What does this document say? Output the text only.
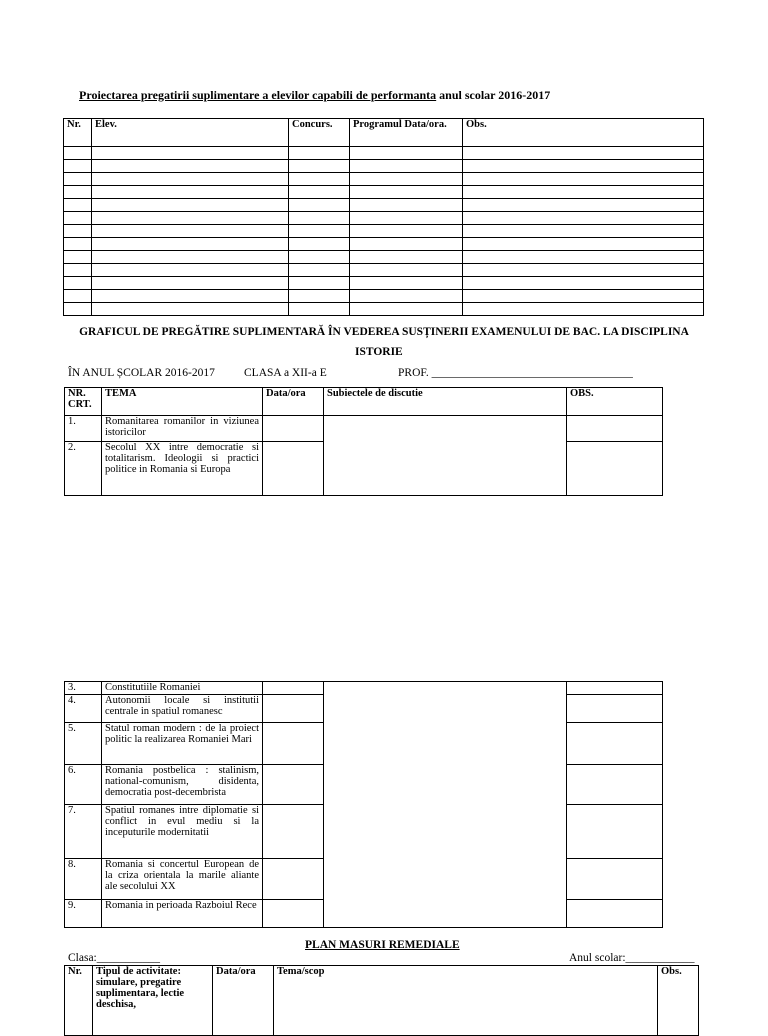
Proiectarea pregatirii suplimentare a elevilor capabili de performanta anul scolar 2016-2017
Nr.	Elev.	Concurs.	Programul Data/ora.	Obs.

GRAFICUL DE PREGĂTIRE SUPLIMENTARĂ ÎN VEDEREA SUSȚINERII EXAMENULUI DE BAC. LA DISCIPLINA
ISTORIE
ÎN ANUL ȘCOLAR 2016-2017	CLASA a XII-a E	PROF. ___________________________________
NR. CRT.	TEMA	Data/ora	Subiectele de discutie	OBS.
1.	Romanitarea romanilor in viziunea istoricilor			
2.	Secolul XX intre democratie si totalitarism. Ideologii si practici politice in Romania si Europa			
3.	Constitutiile Romaniei			
4.	Autonomii locale si institutii centrale in spatiul romanesc			
5.	Statul roman modern : de la proiect politic la realizarea Romaniei Mari			
6.	Romania postbelica : stalinism, national-comunism, disidenta, democratia post-decembrista			
7.	Spatiul romanes intre diplomatie si conflict in evul mediu si la inceputurile modernitatii			
8.	Romania si concertul European de la criza orientala la marile aliante ale secolului XX			
9.	Romania in perioada Razboiul Rece			
PLAN MASURI REMEDIALE
Clasa:___________	Anul scolar:____________
Nr.	Tipul de activitate: simulare, pregatire suplimentara, lectie deschisa,	Data/ora	Tema/scop	Obs.
